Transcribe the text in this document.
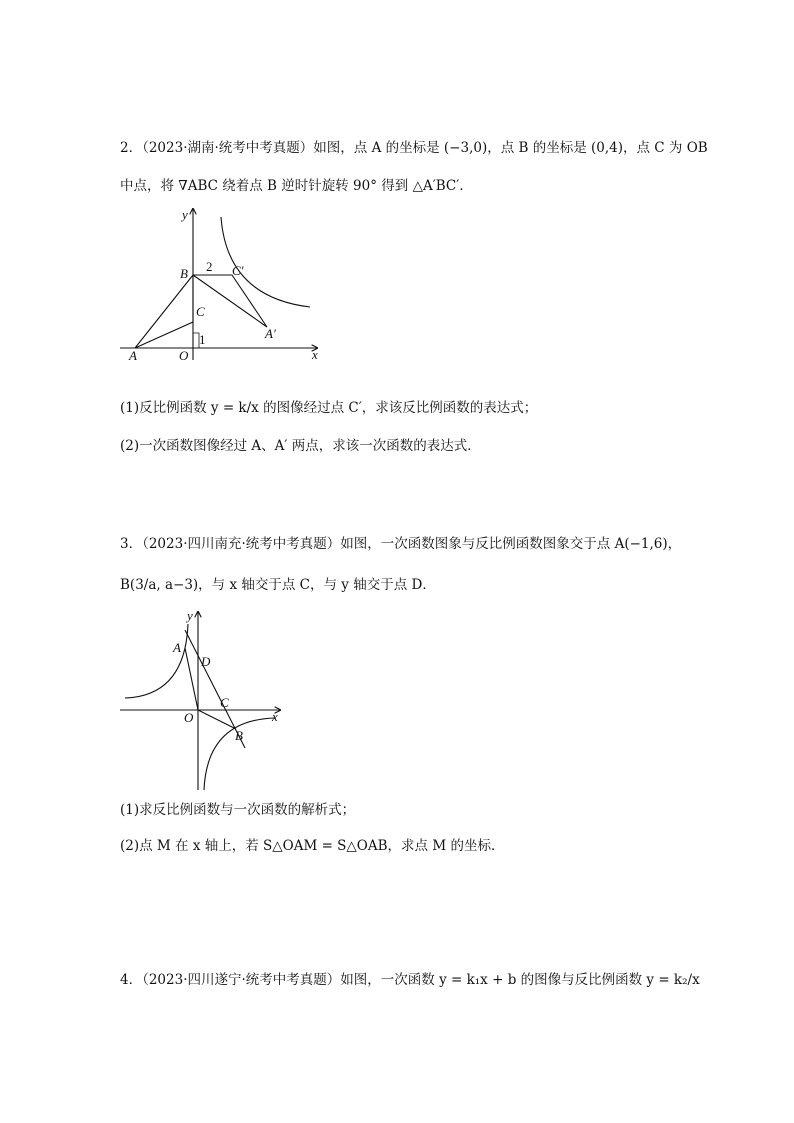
2．（2023·湖南·统考中考真题）如图，点 A 的坐标是 (−3,0)，点 B 的坐标是 (0,4)，点 C 为 OB
中点，将 ∇ABC 绕着点 B 逆时针旋转 90° 得到 △A′BC′．
y
x
B 2 C′
C
A′
A	O
1
(1)反比例函数 y = k/x 的图像经过点 C′，求该反比例函数的表达式；
(2)一次函数图像经过 A、A′ 两点，求该一次函数的表达式．
3．（2023·四川南充·统考中考真题）如图，一次函数图象与反比例函数图象交于点 A(−1,6)，
B(3/a, a−3)，与 x 轴交于点 C，与 y 轴交于点 D．
y
x
A
D
C
O
B
(1)求反比例函数与一次函数的解析式；
(2)点 M 在 x 轴上，若 S△OAM = S△OAB，求点 M 的坐标．
4．（2023·四川遂宁·统考中考真题）如图，一次函数 y = k₁x + b 的图像与反比例函数 y = k₂/x
